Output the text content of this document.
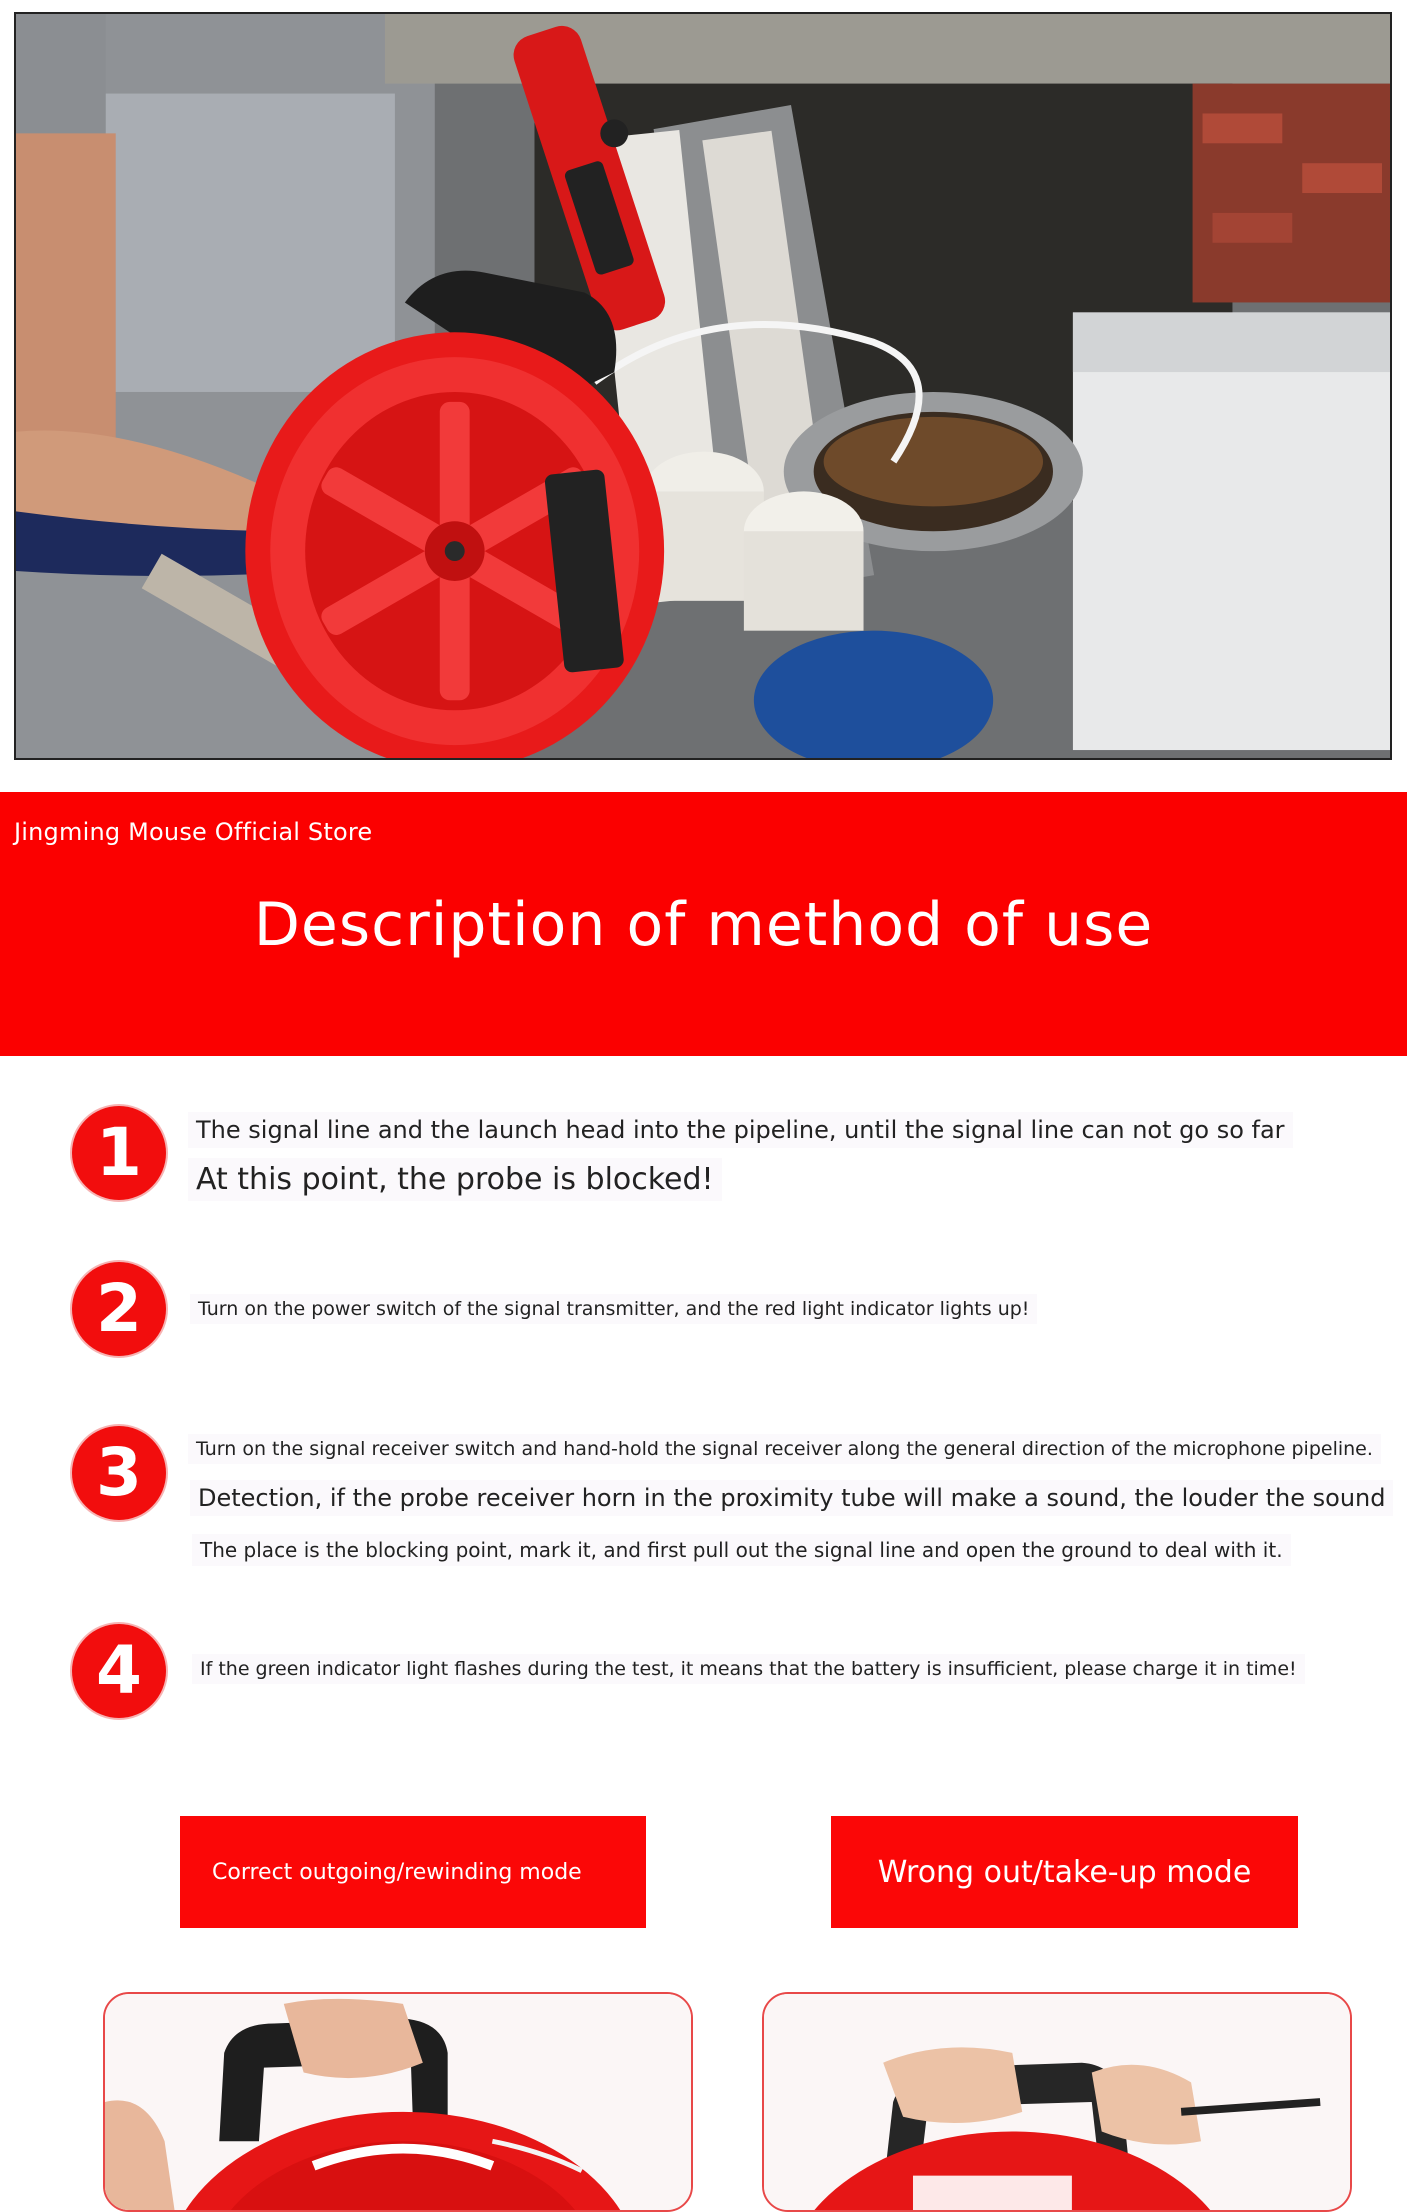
Jingming Mouse Official Store
Description of method of use
1	The signal line and the launch head into the pipeline, until the signal line can not go so far
At this point, the probe is blocked!
2	Turn on the power switch of the signal transmitter, and the red light indicator lights up!
3	Turn on the signal receiver switch and hand-hold the signal receiver along the general direction of the microphone pipeline.
Detection, if the probe receiver horn in the proximity tube will make a sound, the louder the sound
The place is the blocking point, mark it, and first pull out the signal line and open the ground to deal with it.
4	If the green indicator light flashes during the test, it means that the battery is insufficient, please charge it in time!
Correct outgoing/rewinding mode	Wrong out/take-up mode
